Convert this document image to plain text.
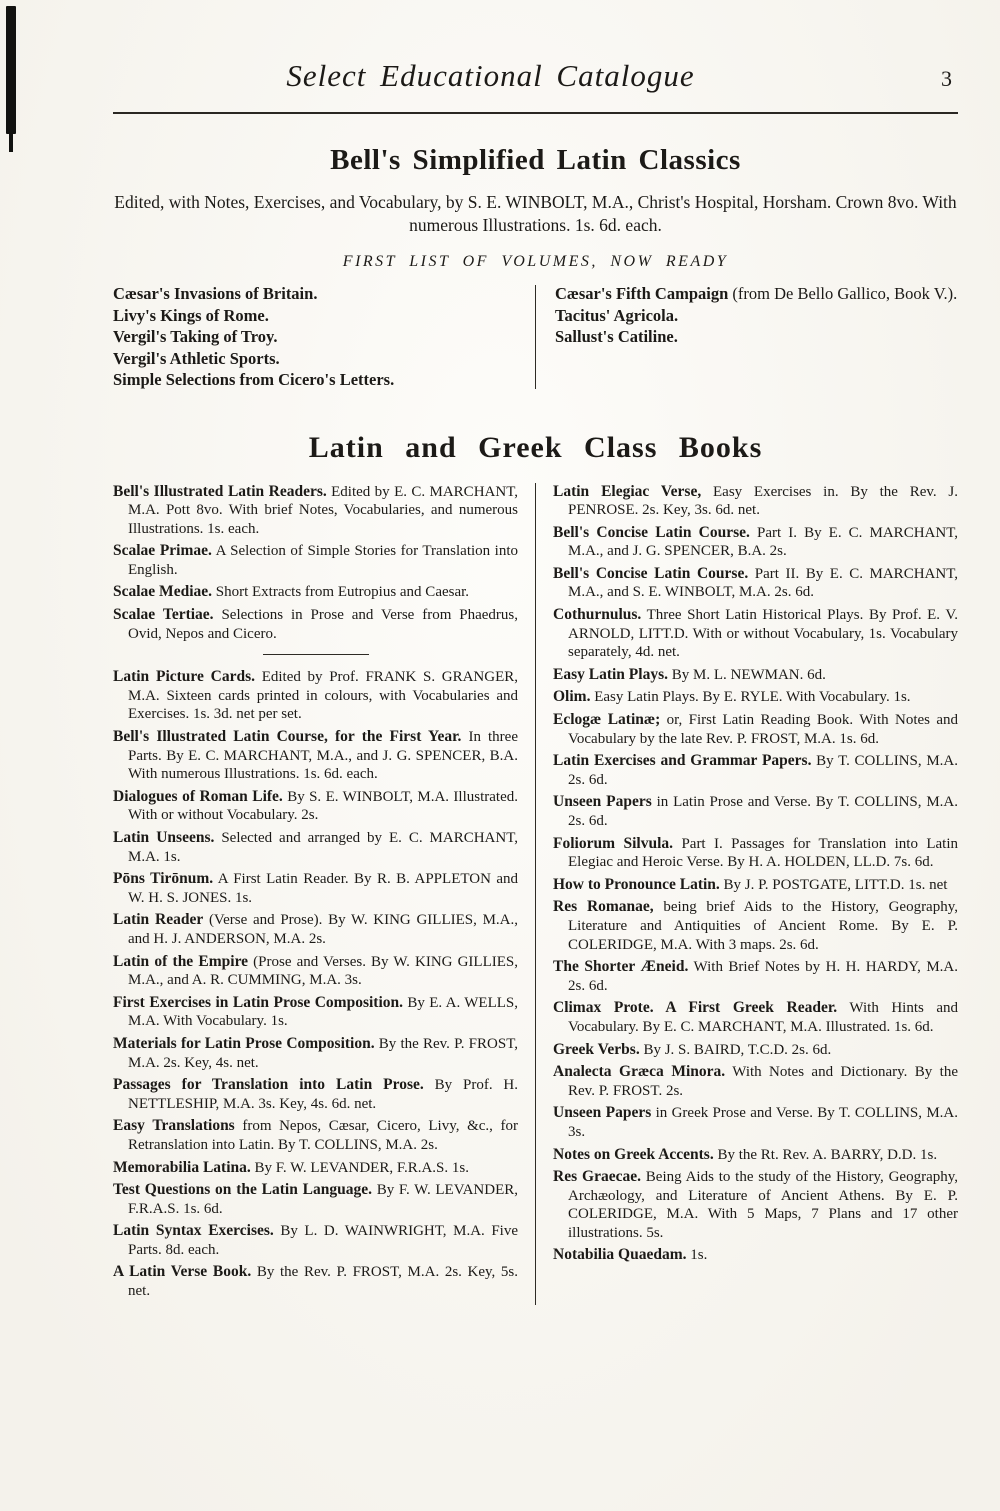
Select Educational Catalogue	3
Bell's Simplified Latin Classics

Edited, with Notes, Exercises, and Vocabulary, by S. E. WINBOLT, M.A., Christ's Hospital, Horsham. Crown 8vo. With numerous Illustrations. 1s. 6d. each.

FIRST LIST OF VOLUMES, NOW READY

Cæsar's Invasions of Britain.
Livy's Kings of Rome.
Vergil's Taking of Troy.
Vergil's Athletic Sports.
Simple Selections from Cicero's Letters.
Cæsar's Fifth Campaign (from De Bello Gallico, Book V.).
Tacitus' Agricola.
Sallust's Catiline.
Latin and Greek Class Books

Bell's Illustrated Latin Readers. Edited by E. C. MARCHANT, M.A. Pott 8vo. With brief Notes, Vocabularies, and numerous Illustrations. 1s. each.

Scalae Primae. A Selection of Simple Stories for Translation into English.

Scalae Mediae. Short Extracts from Eutropius and Caesar.

Scalae Tertiae. Selections in Prose and Verse from Phaedrus, Ovid, Nepos and Cicero.

Latin Picture Cards. Edited by Prof. FRANK S. GRANGER, M.A. Sixteen cards printed in colours, with Vocabularies and Exercises. 1s. 3d. net per set.

Bell's Illustrated Latin Course, for the First Year. In three Parts. By E. C. MARCHANT, M.A., and J. G. SPENCER, B.A. With numerous Illustrations. 1s. 6d. each.

Dialogues of Roman Life. By S. E. WINBOLT, M.A. Illustrated. With or without Vocabulary. 2s.

Latin Unseens. Selected and arranged by E. C. MARCHANT, M.A. 1s.

Pōns Tirōnum. A First Latin Reader. By R. B. APPLETON and W. H. S. JONES. 1s.

Latin Reader (Verse and Prose). By W. KING GILLIES, M.A., and H. J. ANDERSON, M.A. 2s.

Latin of the Empire (Prose and Verses. By W. KING GILLIES, M.A., and A. R. CUMMING, M.A. 3s.

First Exercises in Latin Prose Composition. By E. A. WELLS, M.A. With Vocabulary. 1s.

Materials for Latin Prose Composition. By the Rev. P. FROST, M.A. 2s. Key, 4s. net.

Passages for Translation into Latin Prose. By Prof. H. NETTLESHIP, M.A. 3s. Key, 4s. 6d. net.

Easy Translations from Nepos, Cæsar, Cicero, Livy, &c., for Retranslation into Latin. By T. COLLINS, M.A. 2s.

Memorabilia Latina. By F. W. LEVANDER, F.R.A.S. 1s.

Test Questions on the Latin Language. By F. W. LEVANDER, F.R.A.S. 1s. 6d.

Latin Syntax Exercises. By L. D. WAINWRIGHT, M.A. Five Parts. 8d. each.

A Latin Verse Book. By the Rev. P. FROST, M.A. 2s. Key, 5s. net.

Latin Elegiac Verse, Easy Exercises in. By the Rev. J. PENROSE. 2s. Key, 3s. 6d. net.

Bell's Concise Latin Course. Part I. By E. C. MARCHANT, M.A., and J. G. SPENCER, B.A. 2s.

Bell's Concise Latin Course. Part II. By E. C. MARCHANT, M.A., and S. E. WINBOLT, M.A. 2s. 6d.

Cothurnulus. Three Short Latin Historical Plays. By Prof. E. V. ARNOLD, LITT.D. With or without Vocabulary, 1s. Vocabulary separately, 4d. net.

Easy Latin Plays. By M. L. NEWMAN. 6d.

Olim. Easy Latin Plays. By E. RYLE. With Vocabulary. 1s.

Eclogæ Latinæ; or, First Latin Reading Book. With Notes and Vocabulary by the late Rev. P. FROST, M.A. 1s. 6d.

Latin Exercises and Grammar Papers. By T. COLLINS, M.A. 2s. 6d.

Unseen Papers in Latin Prose and Verse. By T. COLLINS, M.A. 2s. 6d.

Foliorum Silvula. Part I. Passages for Translation into Latin Elegiac and Heroic Verse. By H. A. HOLDEN, LL.D. 7s. 6d.

How to Pronounce Latin. By J. P. POSTGATE, LITT.D. 1s. net

Res Romanae, being brief Aids to the History, Geography, Literature and Antiquities of Ancient Rome. By E. P. COLERIDGE, M.A. With 3 maps. 2s. 6d.

The Shorter Æneid. With Brief Notes by H. H. HARDY, M.A. 2s. 6d.

Climax Prote. A First Greek Reader. With Hints and Vocabulary. By E. C. MARCHANT, M.A. Illustrated. 1s. 6d.

Greek Verbs. By J. S. BAIRD, T.C.D. 2s. 6d.

Analecta Græca Minora. With Notes and Dictionary. By the Rev. P. FROST. 2s.

Unseen Papers in Greek Prose and Verse. By T. COLLINS, M.A. 3s.

Notes on Greek Accents. By the Rt. Rev. A. BARRY, D.D. 1s.

Res Graecae. Being Aids to the study of the History, Geography, Archæology, and Literature of Ancient Athens. By E. P. COLERIDGE, M.A. With 5 Maps, 7 Plans and 17 other illustrations. 5s.

Notabilia Quaedam. 1s.
